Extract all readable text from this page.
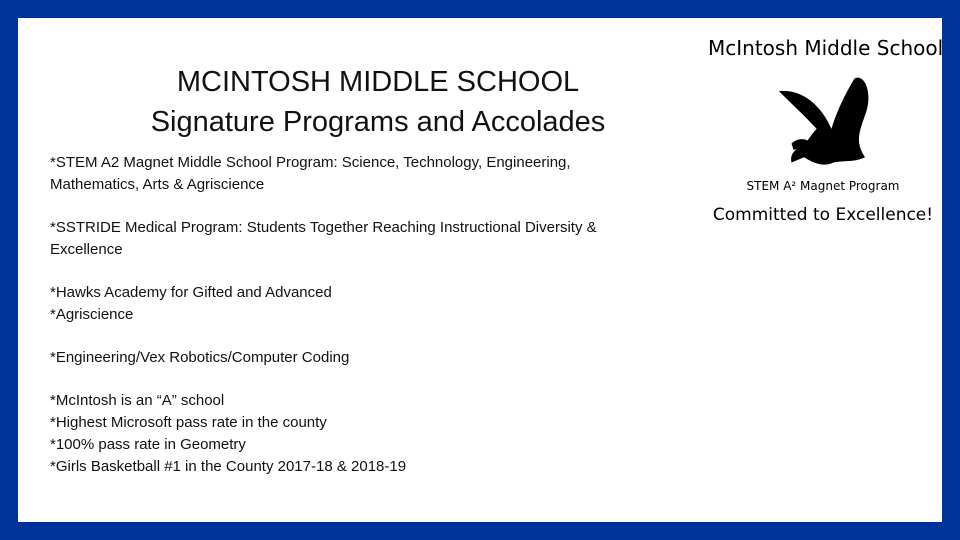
MCINTOSH MIDDLE SCHOOL
Signature Programs and Accolades
*STEM A2 Magnet Middle School Program: Science, Technology, Engineering,
Mathematics, Arts & Agriscience
*SSTRIDE Medical Program: Students Together Reaching Instructional Diversity &
Excellence
*Hawks Academy for Gifted and Advanced
*Agriscience
*Engineering/Vex Robotics/Computer Coding
*McIntosh is an “A” school
*Highest Microsoft pass rate in the county
*100% pass rate in Geometry
*Girls Basketball #1 in the County 2017-18 & 2018-19
McIntosh Middle School
STEM A² Magnet Program
Committed to Excellence!
